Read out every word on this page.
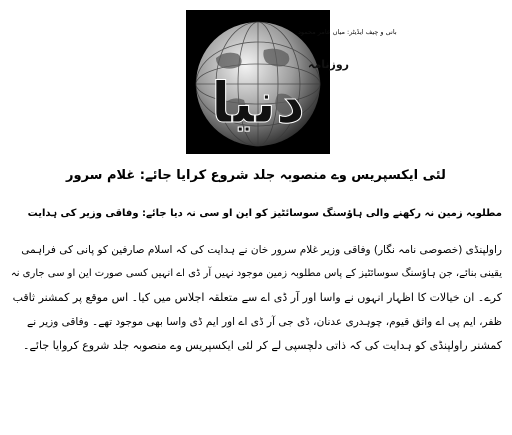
دنیا
روزنامہ
بانی و چیف ایڈیٹر: میاں عامر محمود
لئی ایکسپریس وے منصوبہ جلد شروع کرایا جائے: غلام سرور
مطلوبہ زمین نہ رکھنے والی ہاؤسنگ سوسائٹیز کو این او سی نہ دیا جائے: وفاقی وزیر کی ہدایت
راولپنڈی (خصوصی نامہ نگار) وفاقی وزیر غلام سرور خان نے ہدایت کی کہ اسلام صارفین کو پانی کی فراہمی
یقینی بنائے، جن ہاؤسنگ سوسائٹیز کے پاس مطلوبہ زمین موجود نہیں آر ڈی اے انہیں کسی صورت این او سی جاری نہ
کرے۔ ان خیالات کا اظہار انہوں نے واسا اور آر ڈی اے سے متعلقہ اجلاس میں کیا۔ اس موقع پر کمشنر ثاقب
ظفر، ایم پی اے واثق قیوم، چوہدری عدنان، ڈی جی آر ڈی اے اور ایم ڈی واسا بھی موجود تھے۔ وفاقی وزیر نے
کمشنر راولپنڈی کو ہدایت کی کہ ذاتی دلچسپی لے کر لئی ایکسپریس وے منصوبہ جلد شروع کروایا جائے۔
